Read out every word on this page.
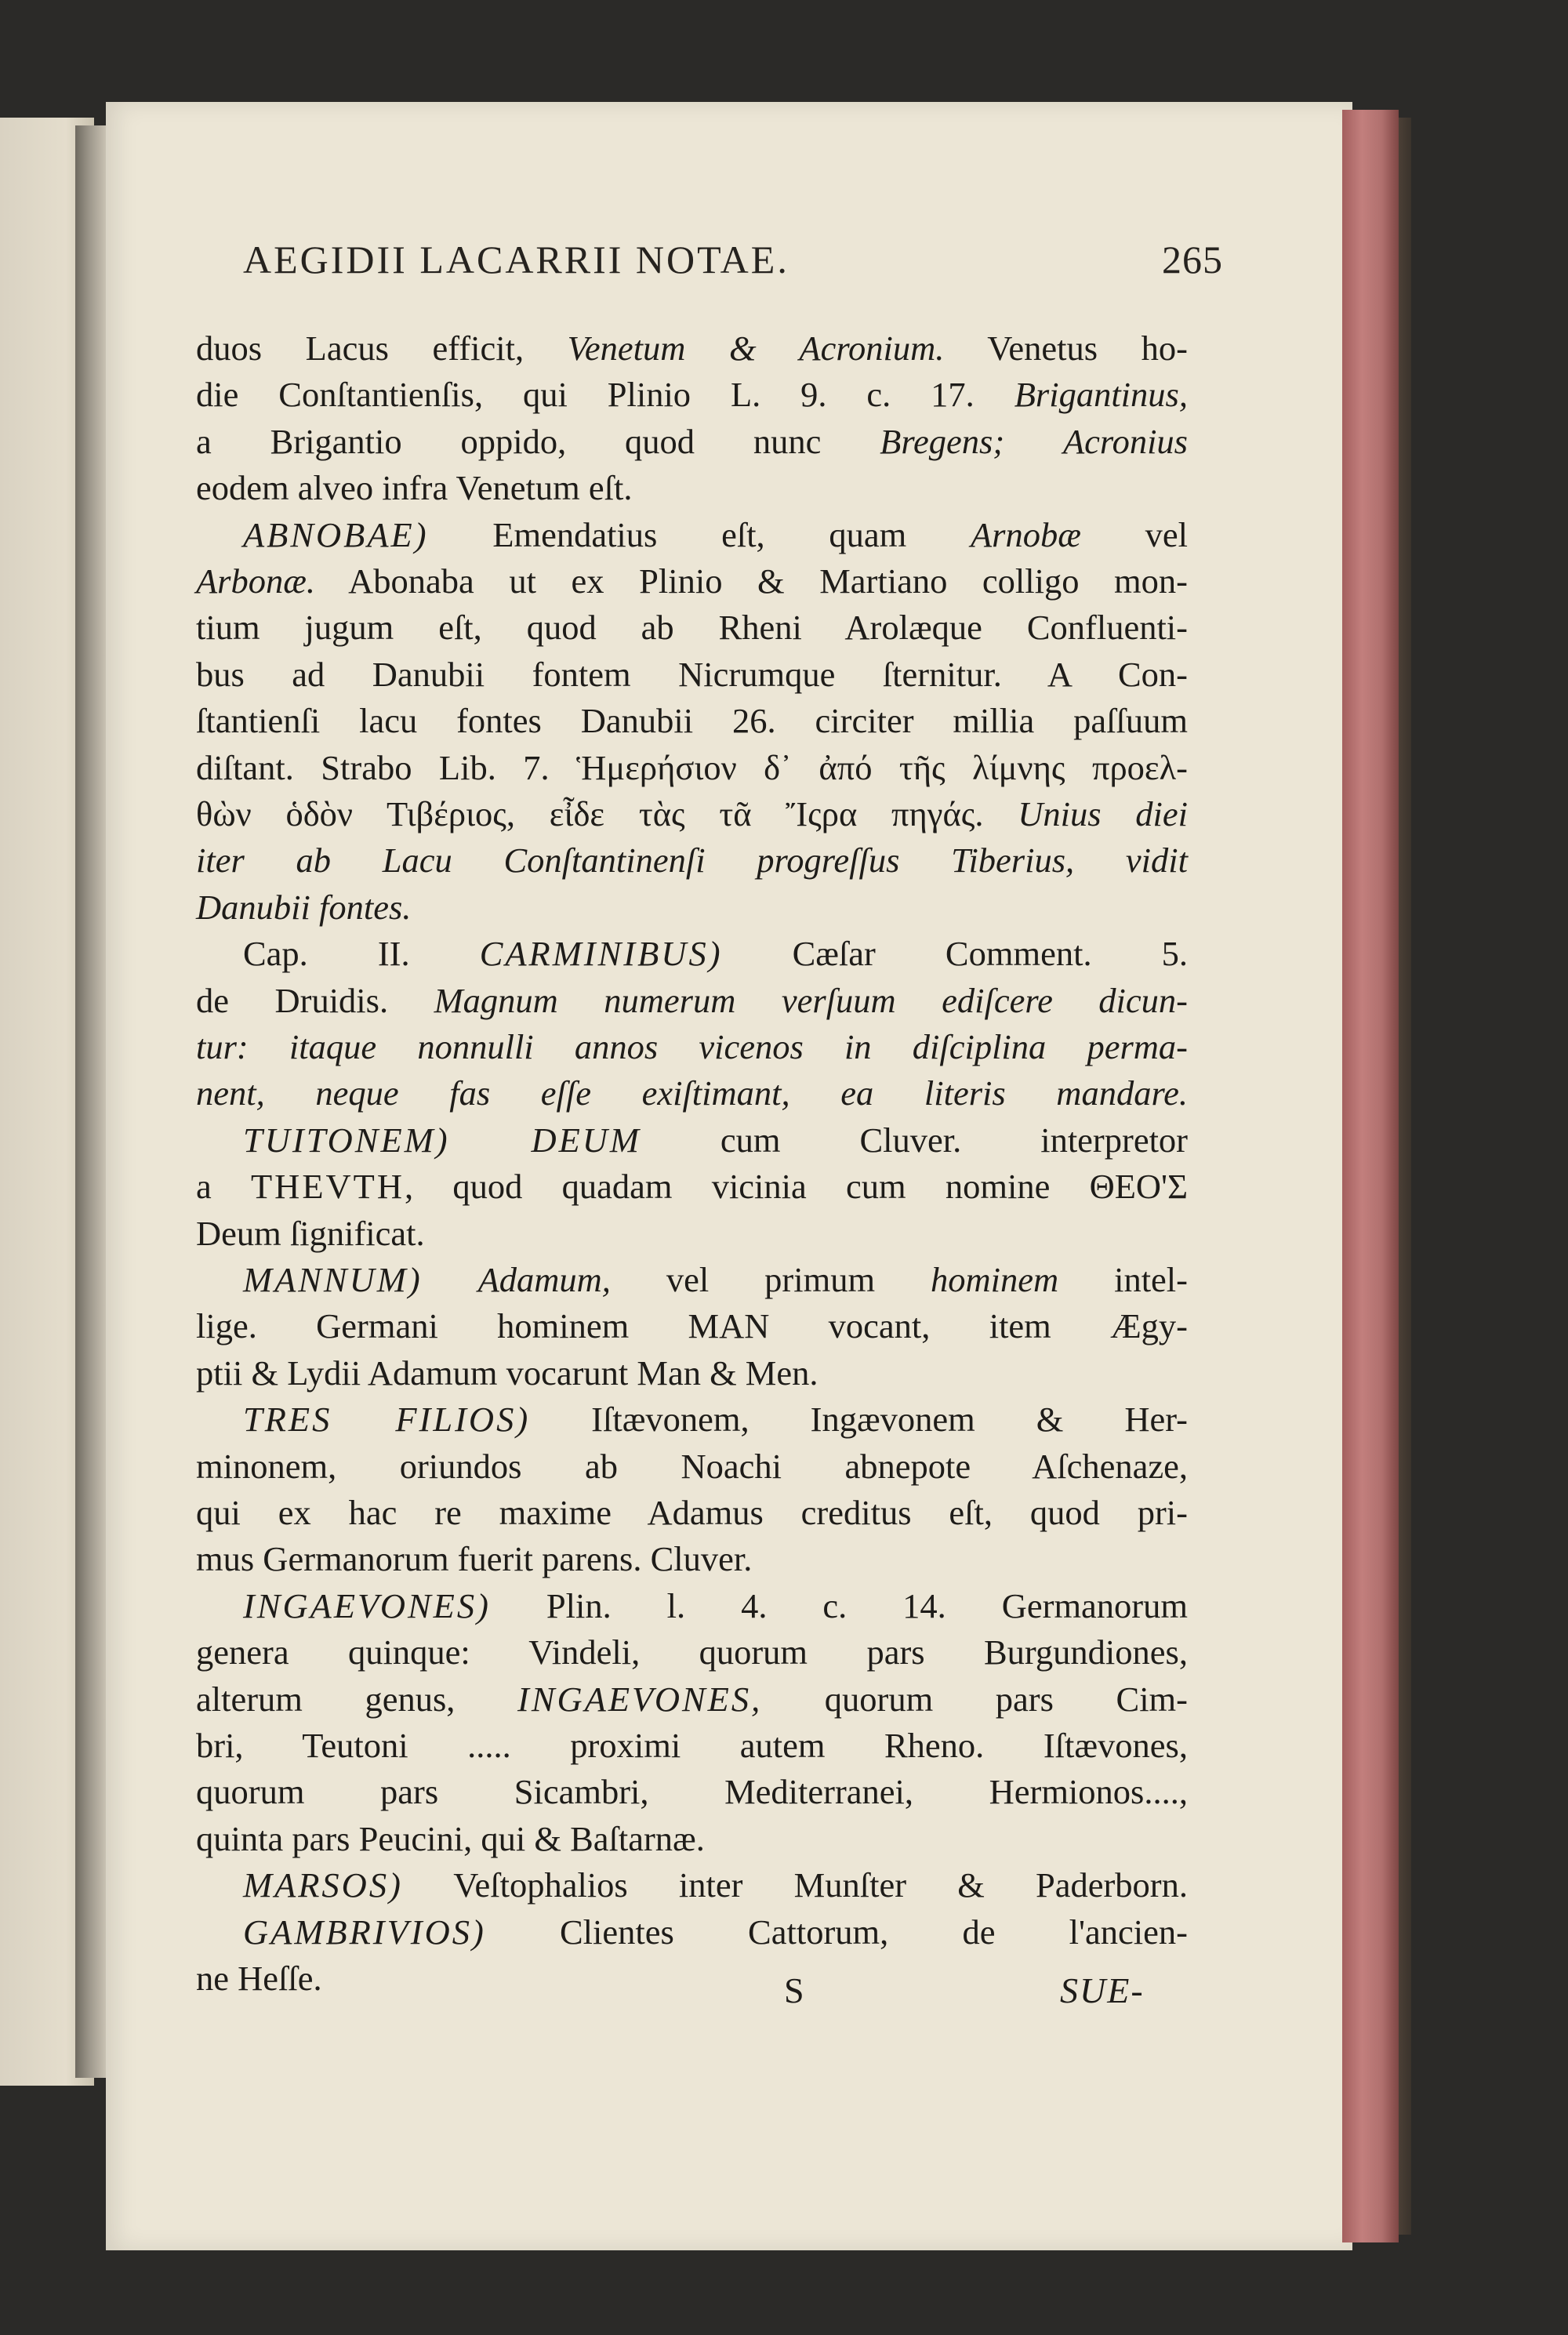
AEGIDII LACARRII NOTAE.	265
duos Lacus efficit, Venetum & Acronium. Venetus ho-
die Conſtantienſis, qui Plinio L. 9. c. 17. Brigantinus,
a Brigantio oppido, quod nunc Bregens; Acronius
eodem alveo infra Venetum eſt.
ABNOBAE) Emendatius eſt, quam Arnobæ vel
Arbonæ. Abonaba ut ex Plinio & Martiano colligo mon-
tium jugum eſt, quod ab Rheni Arolæque Confluenti-
bus ad Danubii fontem Nicrumque ſternitur. A Con-
ſtantienſi lacu fontes Danubii 26. circiter millia paſſuum
diſtant. Strabo Lib. 7. Ἡμερήσιον δ᾽ ἀπό τῆς λίμνης προελ-
θὼν ὁδὸν Τιβέριος, εἶδε τὰς τᾶ Ἴςρα πηγάς. Unius diei
iter ab Lacu Conſtantinenſi progreſſus Tiberius, vidit
Danubii fontes.
Cap. II. CARMINIBUS) Cæſar Comment. 5.
de Druidis. Magnum numerum verſuum ediſcere dicun-
tur: itaque nonnulli annos vicenos in diſciplina perma-
nent, neque fas eſſe exiſtimant, ea literis mandare.
TUITONEM) DEUM cum Cluver. interpretor
a THEVTH, quod quadam vicinia cum nomine ΘΕΟ'Σ
Deum ſignificat.
MANNUM) Adamum, vel primum hominem intel-
lige. Germani hominem MAN vocant, item Ægy-
ptii & Lydii Adamum vocarunt Man & Men.
TRES FILIOS) Iſtævonem, Ingævonem & Her-
minonem, oriundos ab Noachi abnepote Aſchenaze,
qui ex hac re maxime Adamus creditus eſt, quod pri-
mus Germanorum fuerit parens. Cluver.
INGAEVONES) Plin. l. 4. c. 14. Germanorum
genera quinque: Vindeli, quorum pars Burgundiones,
alterum genus, INGAEVONES, quorum pars Cim-
bri, Teutoni ..... proximi autem Rheno. Iſtævones,
quorum pars Sicambri, Mediterranei, Hermionos....,
quinta pars Peucini, qui & Baſtarnæ.
MARSOS) Veſtophalios inter Munſter & Paderborn.
GAMBRIVIOS) Clientes Cattorum, de l'ancien-
ne Heſſe.	S	SUE-
